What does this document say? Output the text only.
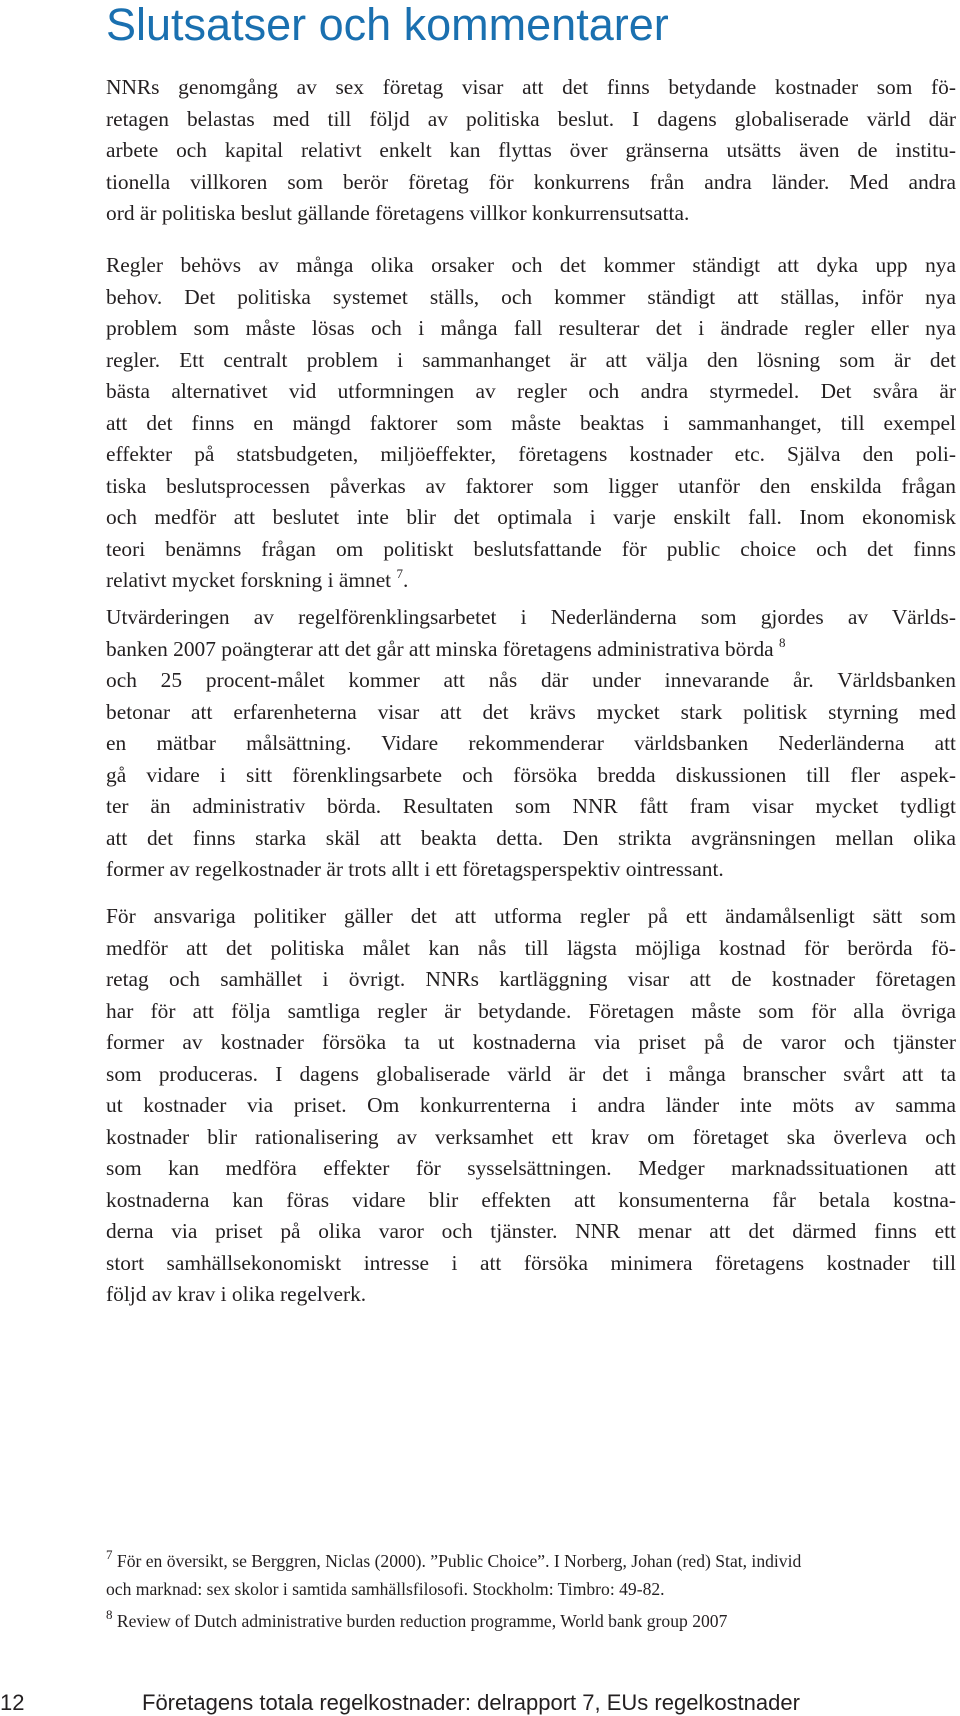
Slutsatser och kommentarer
NNRs genomgång av sex företag visar att det finns betydande kostnader som fö-
retagen belastas med till följd av politiska beslut. I dagens globaliserade värld där
arbete och kapital relativt enkelt kan flyttas över gränserna utsätts även de institu-
tionella villkoren som berör företag för konkurrens från andra länder. Med andra
ord är politiska beslut gällande företagens villkor konkurrensutsatta.
Regler behövs av många olika orsaker och det kommer ständigt att dyka upp nya
behov. Det politiska systemet ställs, och kommer ständigt att ställas, inför nya
problem som måste lösas och i många fall resulterar det i ändrade regler eller nya
regler. Ett centralt problem i sammanhanget är att välja den lösning som är det
bästa alternativet vid utformningen av regler och andra styrmedel. Det svåra är
att det finns en mängd faktorer som måste beaktas i sammanhanget, till exempel
effekter på statsbudgeten, miljöeffekter, företagens kostnader etc. Själva den poli-
tiska beslutsprocessen påverkas av faktorer som ligger utanför den enskilda frågan
och medför att beslutet inte blir det optimala i varje enskilt fall. Inom ekonomisk
teori benämns frågan om politiskt beslutsfattande för public choice och det finns
relativt mycket forskning i ämnet $^7$.
Utvärderingen av regelförenklingsarbetet i Nederländerna som gjordes av Världs-
banken 2007 poängterar att det går att minska företagens administrativa börda $^8$
och 25 procent-målet kommer att nås där under innevarande år. Världsbanken
betonar att erfarenheterna visar att det krävs mycket stark politisk styrning med
en mätbar målsättning. Vidare rekommenderar världsbanken Nederländerna att
gå vidare i sitt förenklingsarbete och försöka bredda diskussionen till fler aspek-
ter än administrativ börda. Resultaten som NNR fått fram visar mycket tydligt
att det finns starka skäl att beakta detta. Den strikta avgränsningen mellan olika
former av regelkostnader är trots allt i ett företagsperspektiv ointressant.
För ansvariga politiker gäller det att utforma regler på ett ändamålsenligt sätt som
medför att det politiska målet kan nås till lägsta möjliga kostnad för berörda fö-
retag och samhället i övrigt. NNRs kartläggning visar att de kostnader företagen
har för att följa samtliga regler är betydande. Företagen måste som för alla övriga
former av kostnader försöka ta ut kostnaderna via priset på de varor och tjänster
som produceras. I dagens globaliserade värld är det i många branscher svårt att ta
ut kostnader via priset. Om konkurrenterna i andra länder inte möts av samma
kostnader blir rationalisering av verksamhet ett krav om företaget ska överleva och
som kan medföra effekter för sysselsättningen. Medger marknadssituationen att
kostnaderna kan föras vidare blir effekten att konsumenterna får betala kostna-
derna via priset på olika varor och tjänster. NNR menar att det därmed finns ett
stort samhällsekonomiskt intresse i att försöka minimera företagens kostnader till
följd av krav i olika regelverk.
$^7$ För en översikt, se Berggren, Niclas (2000). ”Public Choice”. I Norberg, Johan (red) Stat, individ
och marknad: sex skolor i samtida samhällsfilosofi. Stockholm: Timbro: 49-82.
$^8$ Review of Dutch administrative burden reduction programme, World bank group 2007
12	Företagens totala regelkostnader: delrapport 7, EUs regelkostnader
